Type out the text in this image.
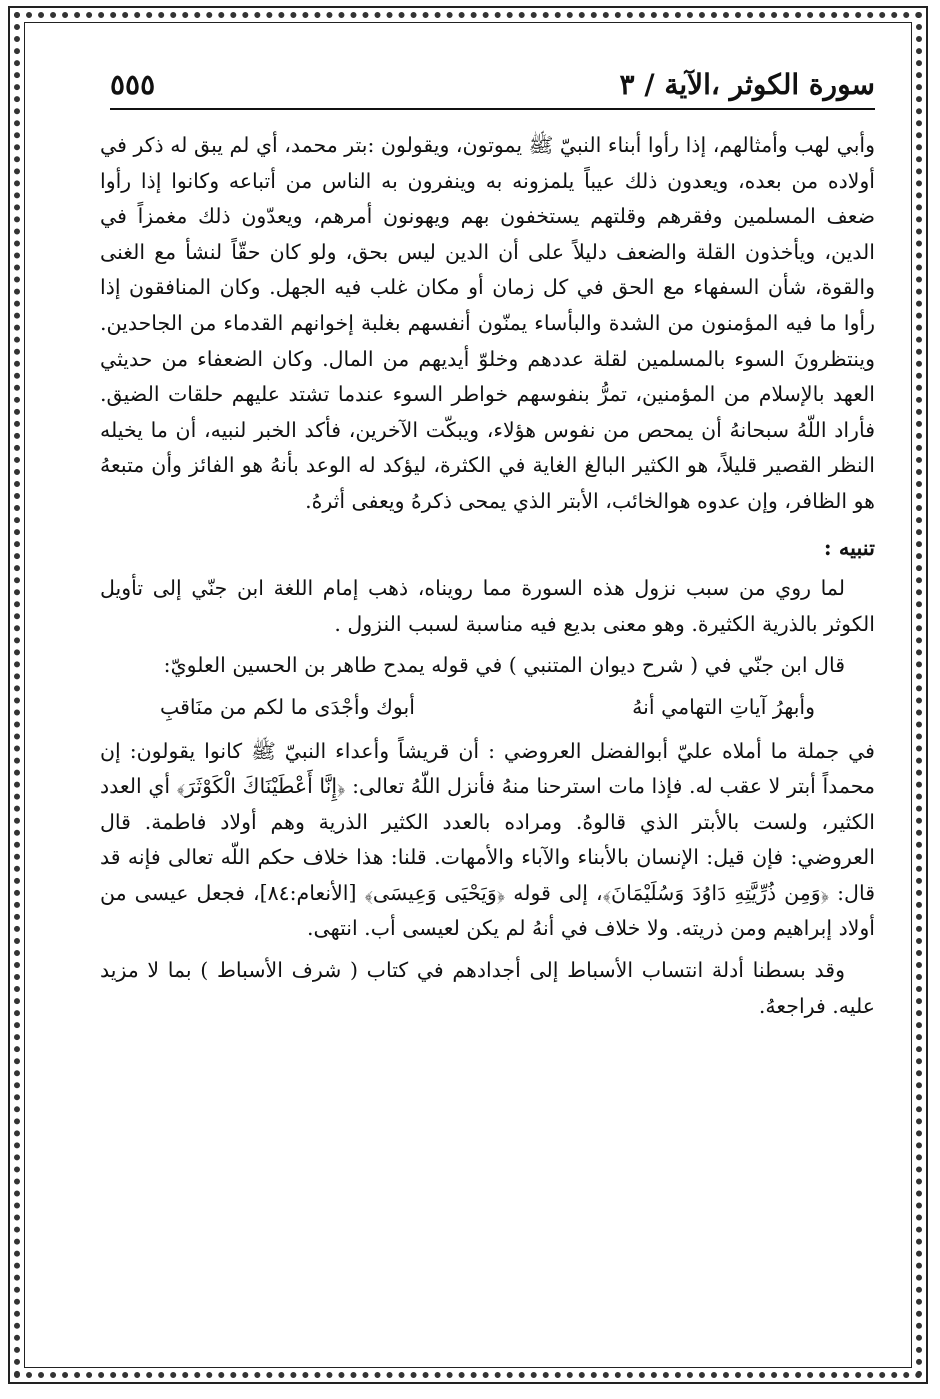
سورة الكوثر ،الآية / ٣
٥٥٥

وأبي لهب وأمثالهم، إذا رأوا أبناء النبيّ ﷺ يموتون، ويقولون :بتر محمد، أي لم يبق له ذكر في أولاده من بعده، ويعدون ذلك عيباً يلمزونه به وينفرون به الناس من أتباعه وكانوا إذا رأوا ضعف المسلمين وفقرهم وقلتهم يستخفون بهم ويهونون أمرهم، ويعدّون ذلك مغمزاً في الدين، ويأخذون القلة والضعف دليلاً على أن الدين ليس بحق، ولو كان حقّاً لنشأ مع الغنى والقوة، شأن السفهاء مع الحق في كل زمان أو مكان غلب فيه الجهل. وكان المنافقون إذا رأوا ما فيه المؤمنون من الشدة والبأساء يمنّون أنفسهم بغلبة إخوانهم القدماء من الجاحدين. وينتظرونَ السوء بالمسلمين لقلة عددهم وخلوّ أيديهم من المال. وكان الضعفاء من حديثي العهد بالإسلام من المؤمنين، تمرُّ بنفوسهم خواطر السوء عندما تشتد عليهم حلقات الضيق. فأراد اللّهُ سبحانهُ أن يمحص من نفوس هؤلاء، ويبكّت الآخرين، فأكد الخبر لنبيه، أن ما يخيله النظر القصير قليلاً، هو الكثير البالغ الغاية في الكثرة، ليؤكد له الوعد بأنهُ هو الفائز وأن متبعهُ هو الظافر، وإن عدوه هوالخائب، الأبتر الذي يمحى ذكرهُ ويعفى أثرهُ.

تنبيه :

لما روي من سبب نزول هذه السورة مما رويناه، ذهب إمام اللغة ابن جنّي إلى تأويل الكوثر بالذرية الكثيرة. وهو معنى بديع فيه مناسبة لسبب النزول .

قال ابن جنّي في ( شرح ديوان المتنبي ) في قوله يمدح طاهر بن الحسين العلويّ:

وأبهرُ آياتِ التهامي أنهُ
أبوك وأجْدَى ما لكم من منَاقبِ

في جملة ما أملاه عليّ أبوالفضل العروضي : أن قريشاً وأعداء النبيّ ﷺ كانوا يقولون: إن محمداً أبتر لا عقب له. فإذا مات استرحنا منهُ فأنزل اللّهُ تعالى: ﴿إِنَّا أَعْطَيْنَاكَ الْكَوْثَرَ﴾ أي العدد الكثير، ولست بالأبتر الذي قالوهُ. ومراده بالعدد الكثير الذرية وهم أولاد فاطمة. قال العروضي: فإن قيل: الإنسان بالأبناء والآباء والأمهات. قلنا: هذا خلاف حكم اللّه تعالى فإنه قد قال: ﴿وَمِن ذُرِّيَّتِهِ دَاوُدَ وَسُلَيْمَانَ﴾، إلى قوله ﴿وَيَحْيَى وَعِيسَى﴾ [الأنعام:٨٤]، فجعل عيسى من أولاد إبراهيم ومن ذريته. ولا خلاف في أنهُ لم يكن لعيسى أب. انتهى.

وقد بسطنا أدلة انتساب الأسباط إلى أجدادهم في كتاب ( شرف الأسباط ) بما لا مزيد عليه. فراجعهُ.
